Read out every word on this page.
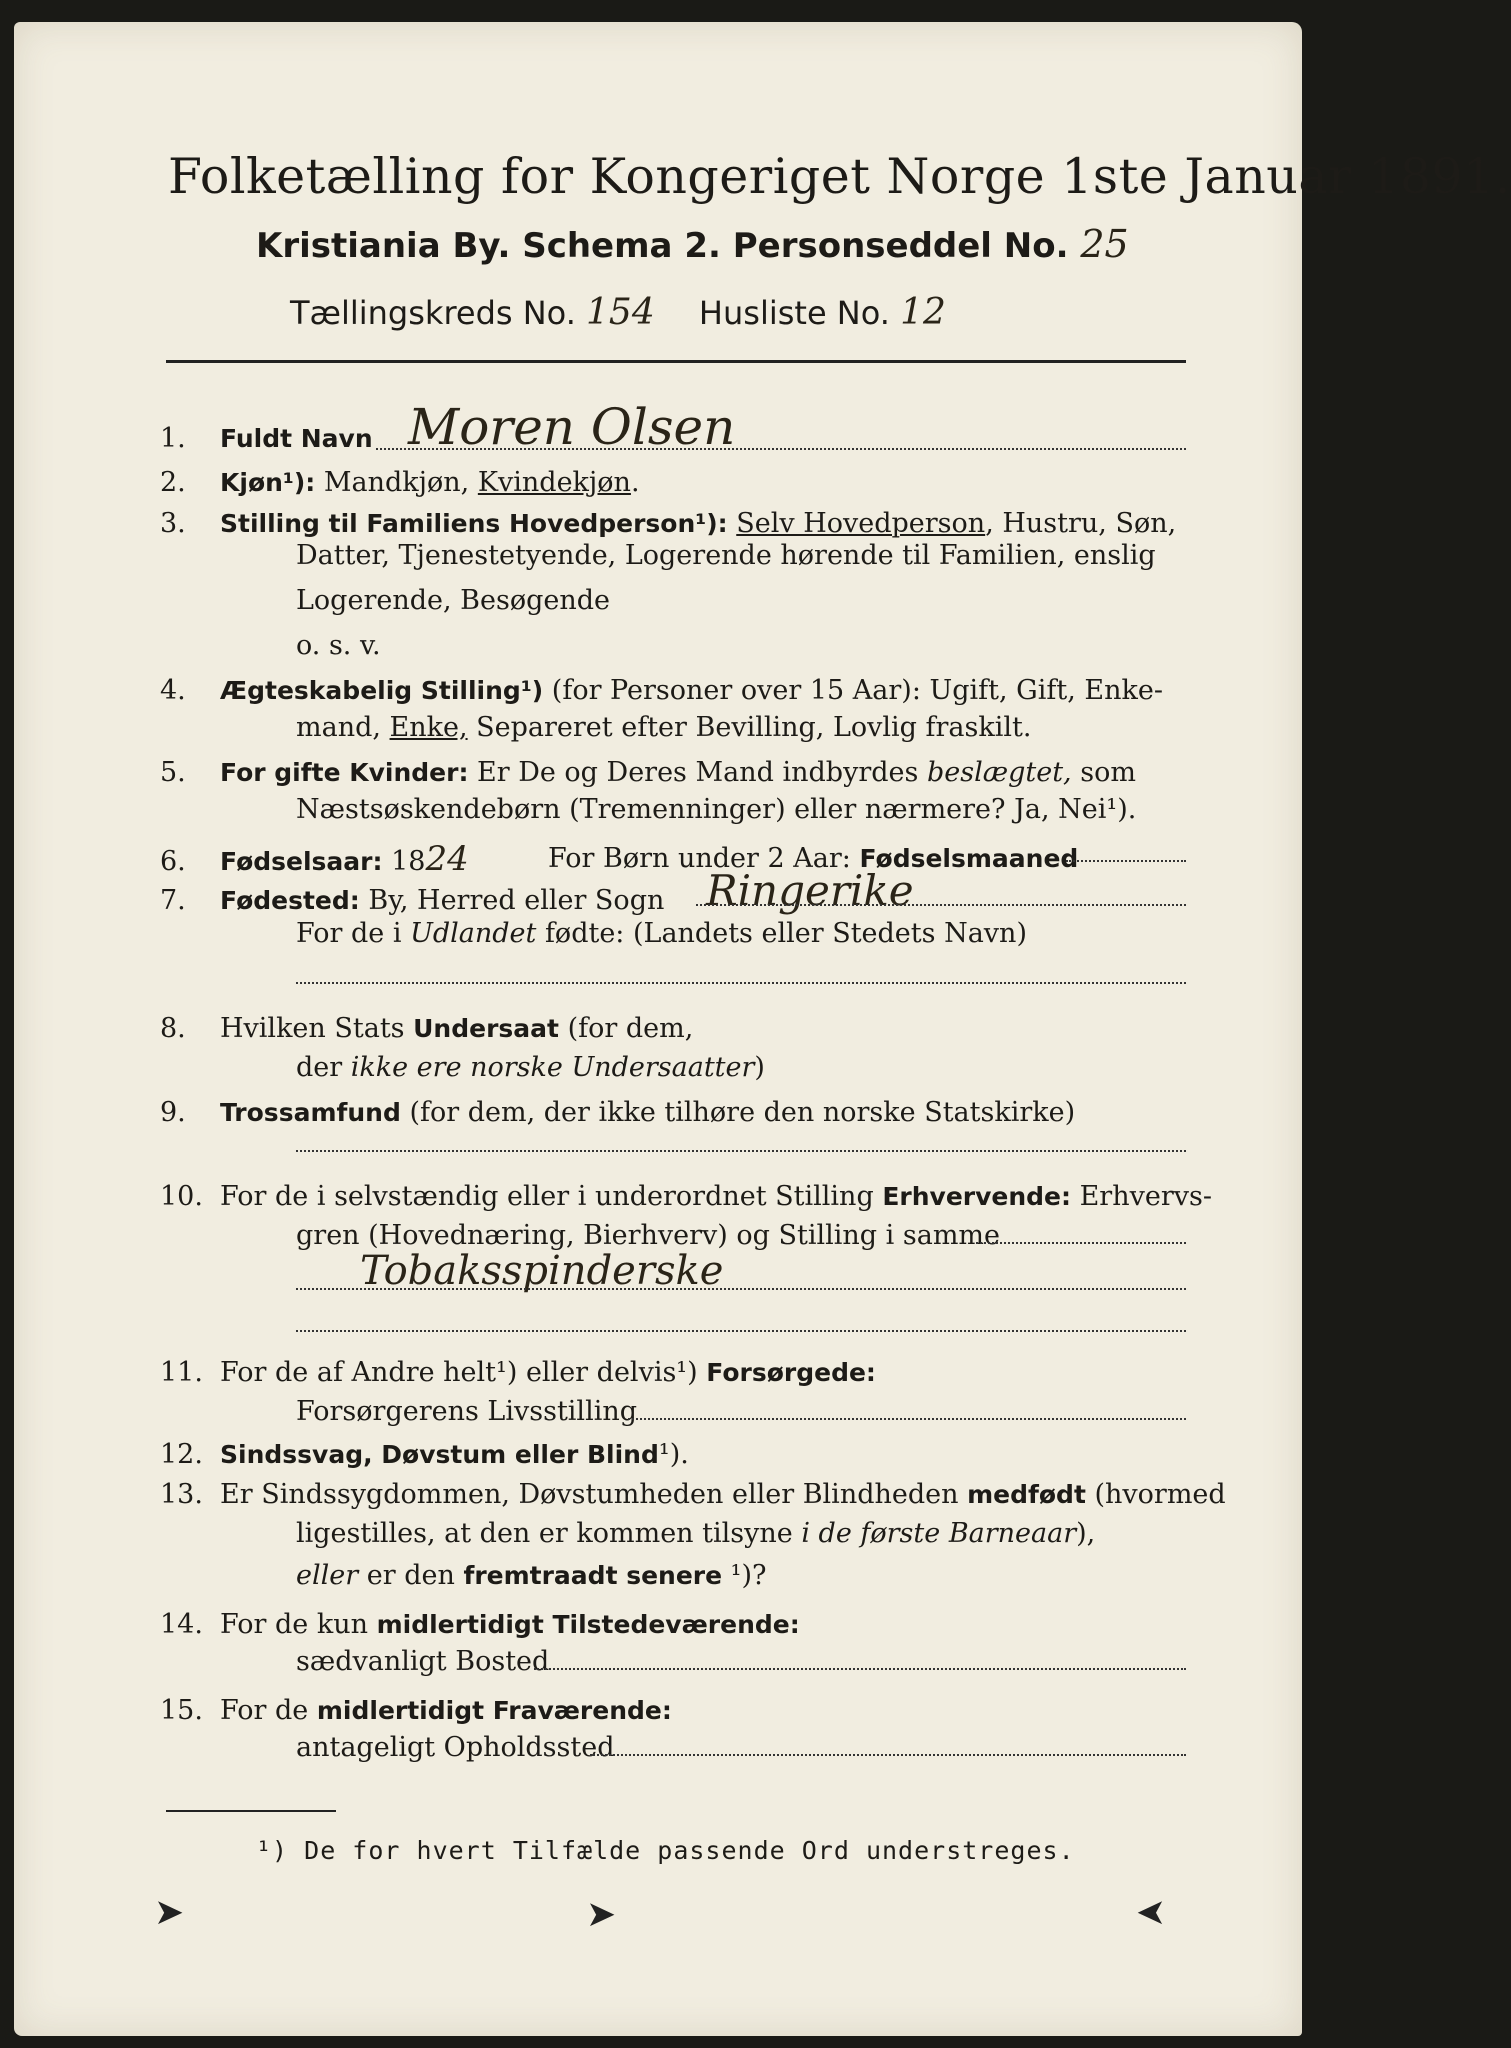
Folketælling for Kongeriget Norge 1ste Januar 1891.
Kristiania By. Schema 2. Personseddel No. 25
Tællingskreds No. 154 Husliste No. 12
1. Fuldt Navn Moren Olsen
2. Kjøn¹): Mandkjøn, Kvindekjøn.
3. Stilling til Familiens Hovedperson¹): Selv Hovedperson, Hustru, Søn,
Datter, Tjenestetyende, Logerende hørende til Familien, enslig
Logerende, Besøgende
o. s. v.
4. Ægteskabelig Stilling¹) (for Personer over 15 Aar): Ugift, Gift, Enke-
mand, Enke, Separeret efter Bevilling, Lovlig fraskilt.
5. For gifte Kvinder: Er De og Deres Mand indbyrdes beslægtet, som
Næstsøskendebørn (Tremenninger) eller nærmere? Ja, Nei¹).
6. Fødselsaar: 1824	For Børn under 2 Aar: Fødselsmaaned
7. Fødested: By, Herred eller Sogn Ringerike
For de i Udlandet fødte: (Landets eller Stedets Navn)
8. Hvilken Stats Undersaat (for dem,
der ikke ere norske Undersaatter)
9. Trossamfund (for dem, der ikke tilhøre den norske Statskirke)
10. For de i selvstændig eller i underordnet Stilling Erhvervende: Erhvervs-
gren (Hovednæring, Bierhverv) og Stilling i samme
Tobaksspinderske
11. For de af Andre helt¹) eller delvis¹) Forsørgede:
Forsørgerens Livsstilling
12. Sindssvag, Døvstum eller Blind¹).
13. Er Sindssygdommen, Døvstumheden eller Blindheden medfødt (hvormed
ligestilles, at den er kommen tilsyne i de første Barneaar),
eller er den fremtraadt senere ¹)?
14. For de kun midlertidigt Tilstedeværende:
sædvanligt Bosted
15. For de midlertidigt Fraværende:
antageligt Opholdssted
¹) De for hvert Tilfælde passende Ord understreges.
➤	➤	➤
